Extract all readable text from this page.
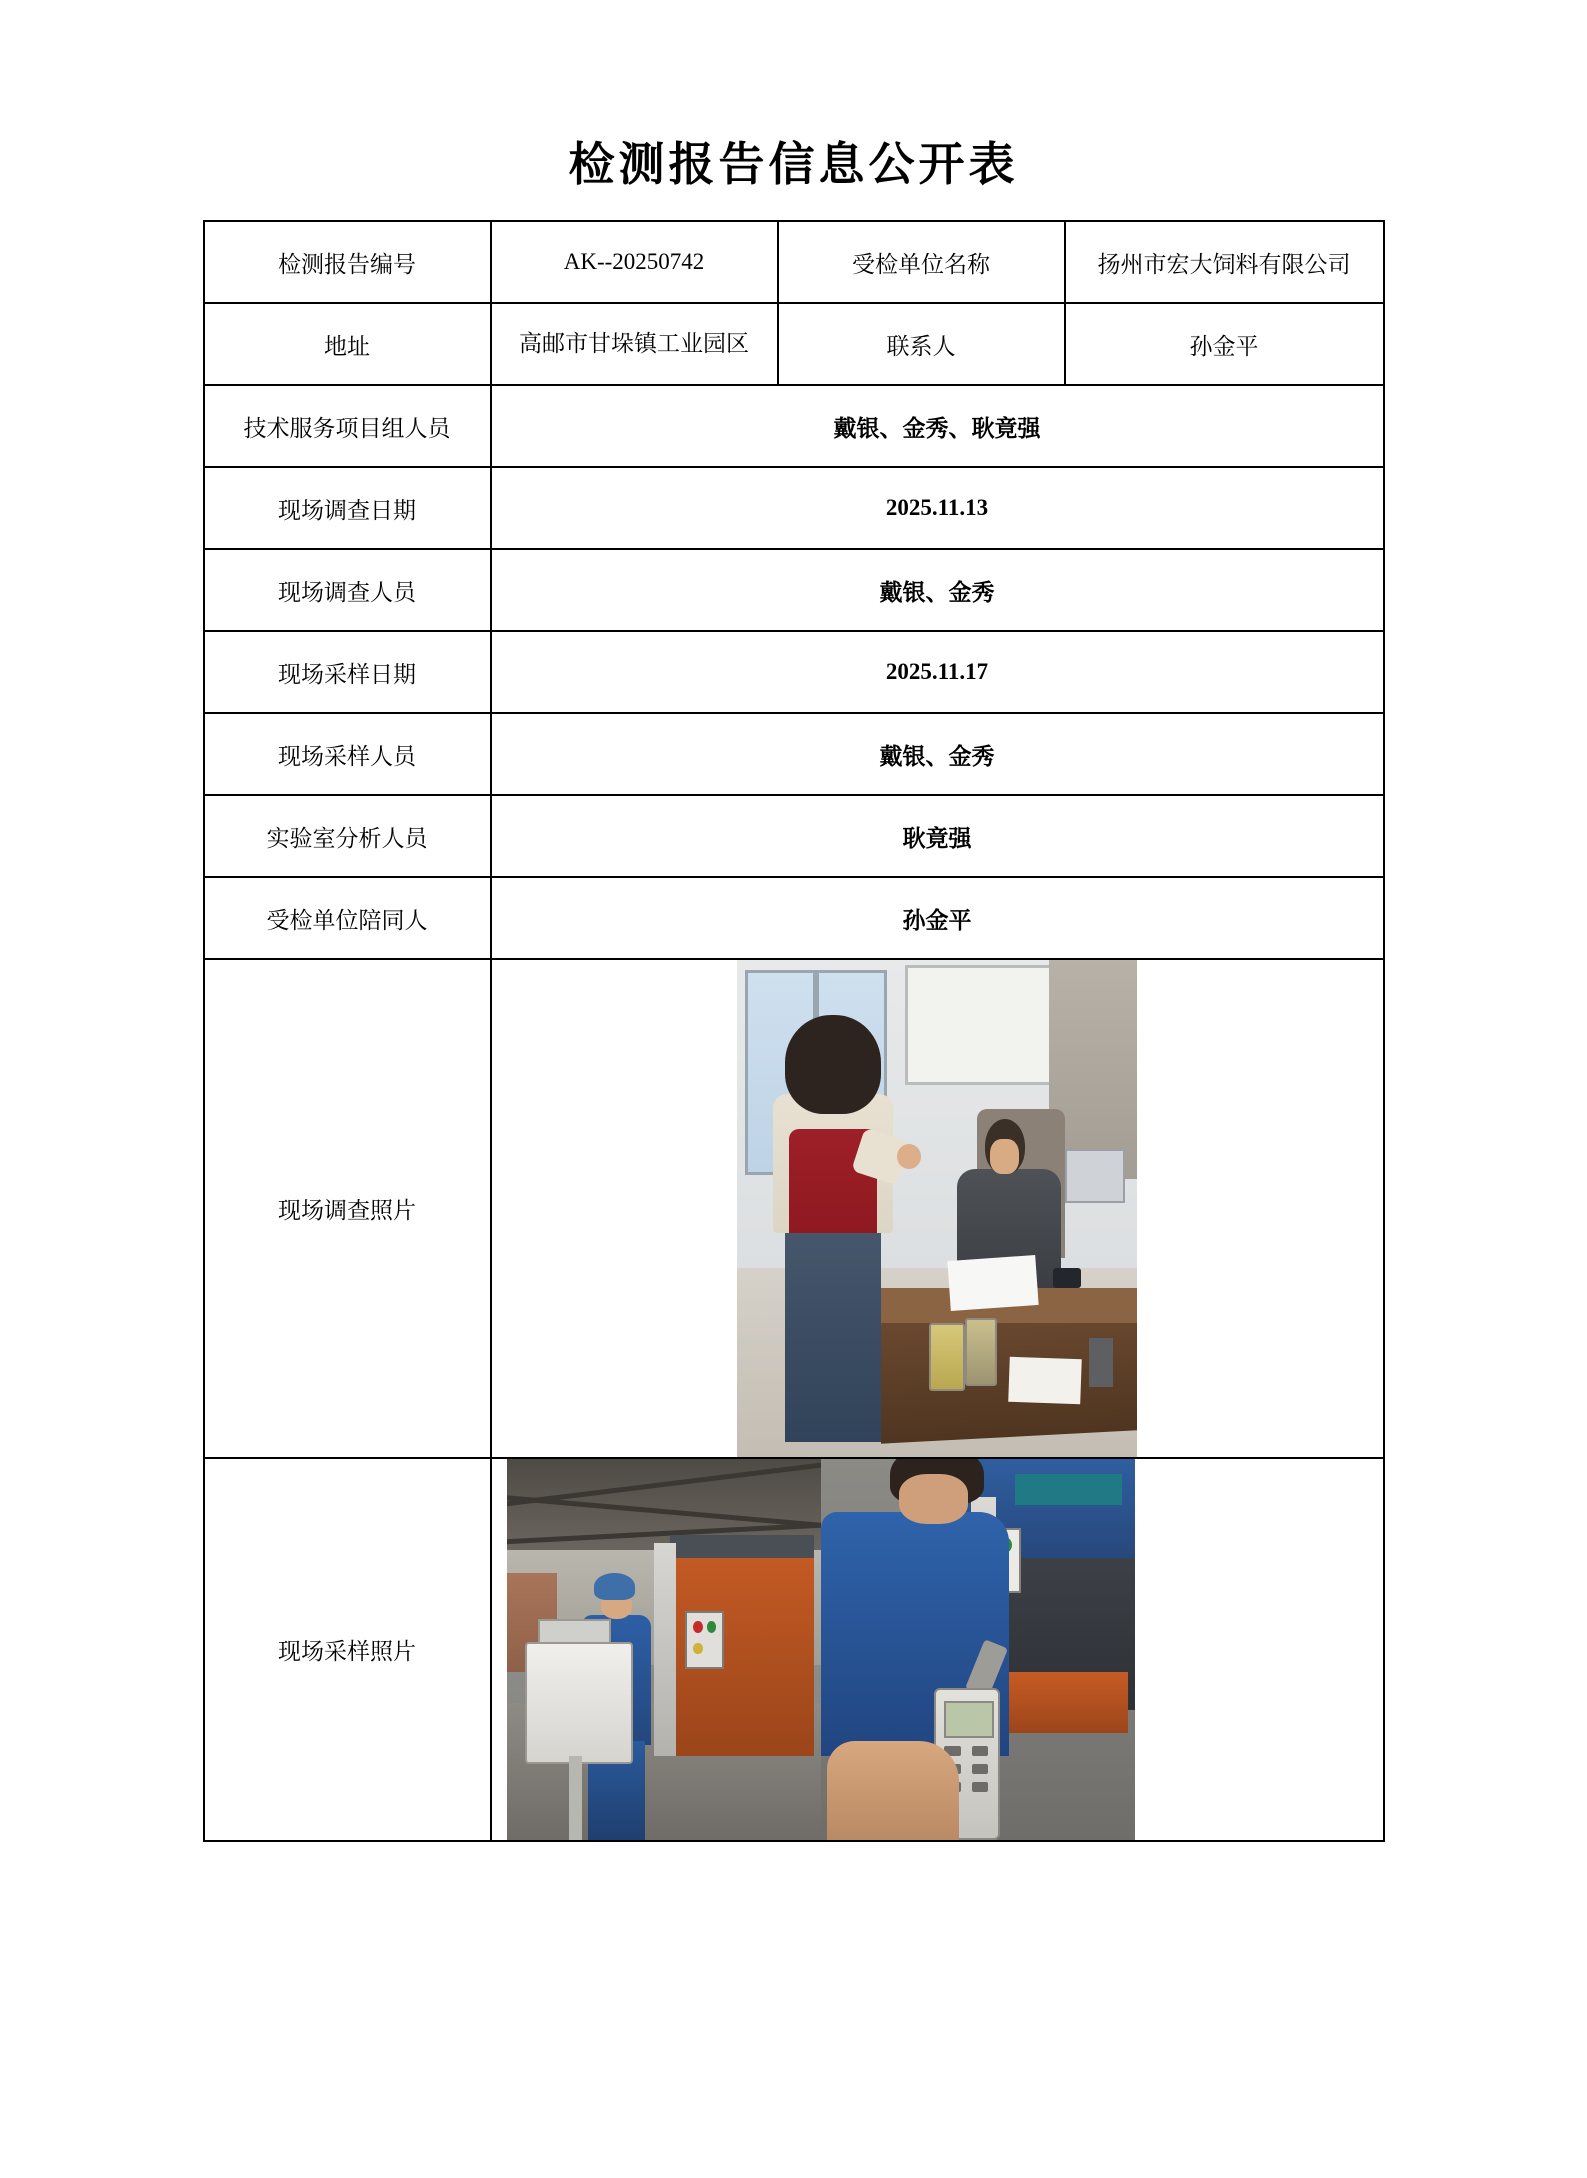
检测报告信息公开表
检测报告编号	AK--20250742	受检单位名称	扬州市宏大饲料有限公司
地址	高邮市甘垛镇工业园区	联系人	孙金平
技术服务项目组人员	戴银、金秀、耿竟强		
现场调查日期	2025.11.13		
现场调查人员	戴银、金秀		
现场采样日期	2025.11.17		
现场采样人员	戴银、金秀		
实验室分析人员	耿竟强		
受检单位陪同人	孙金平		
现场调查照片			

现场采样照片			
